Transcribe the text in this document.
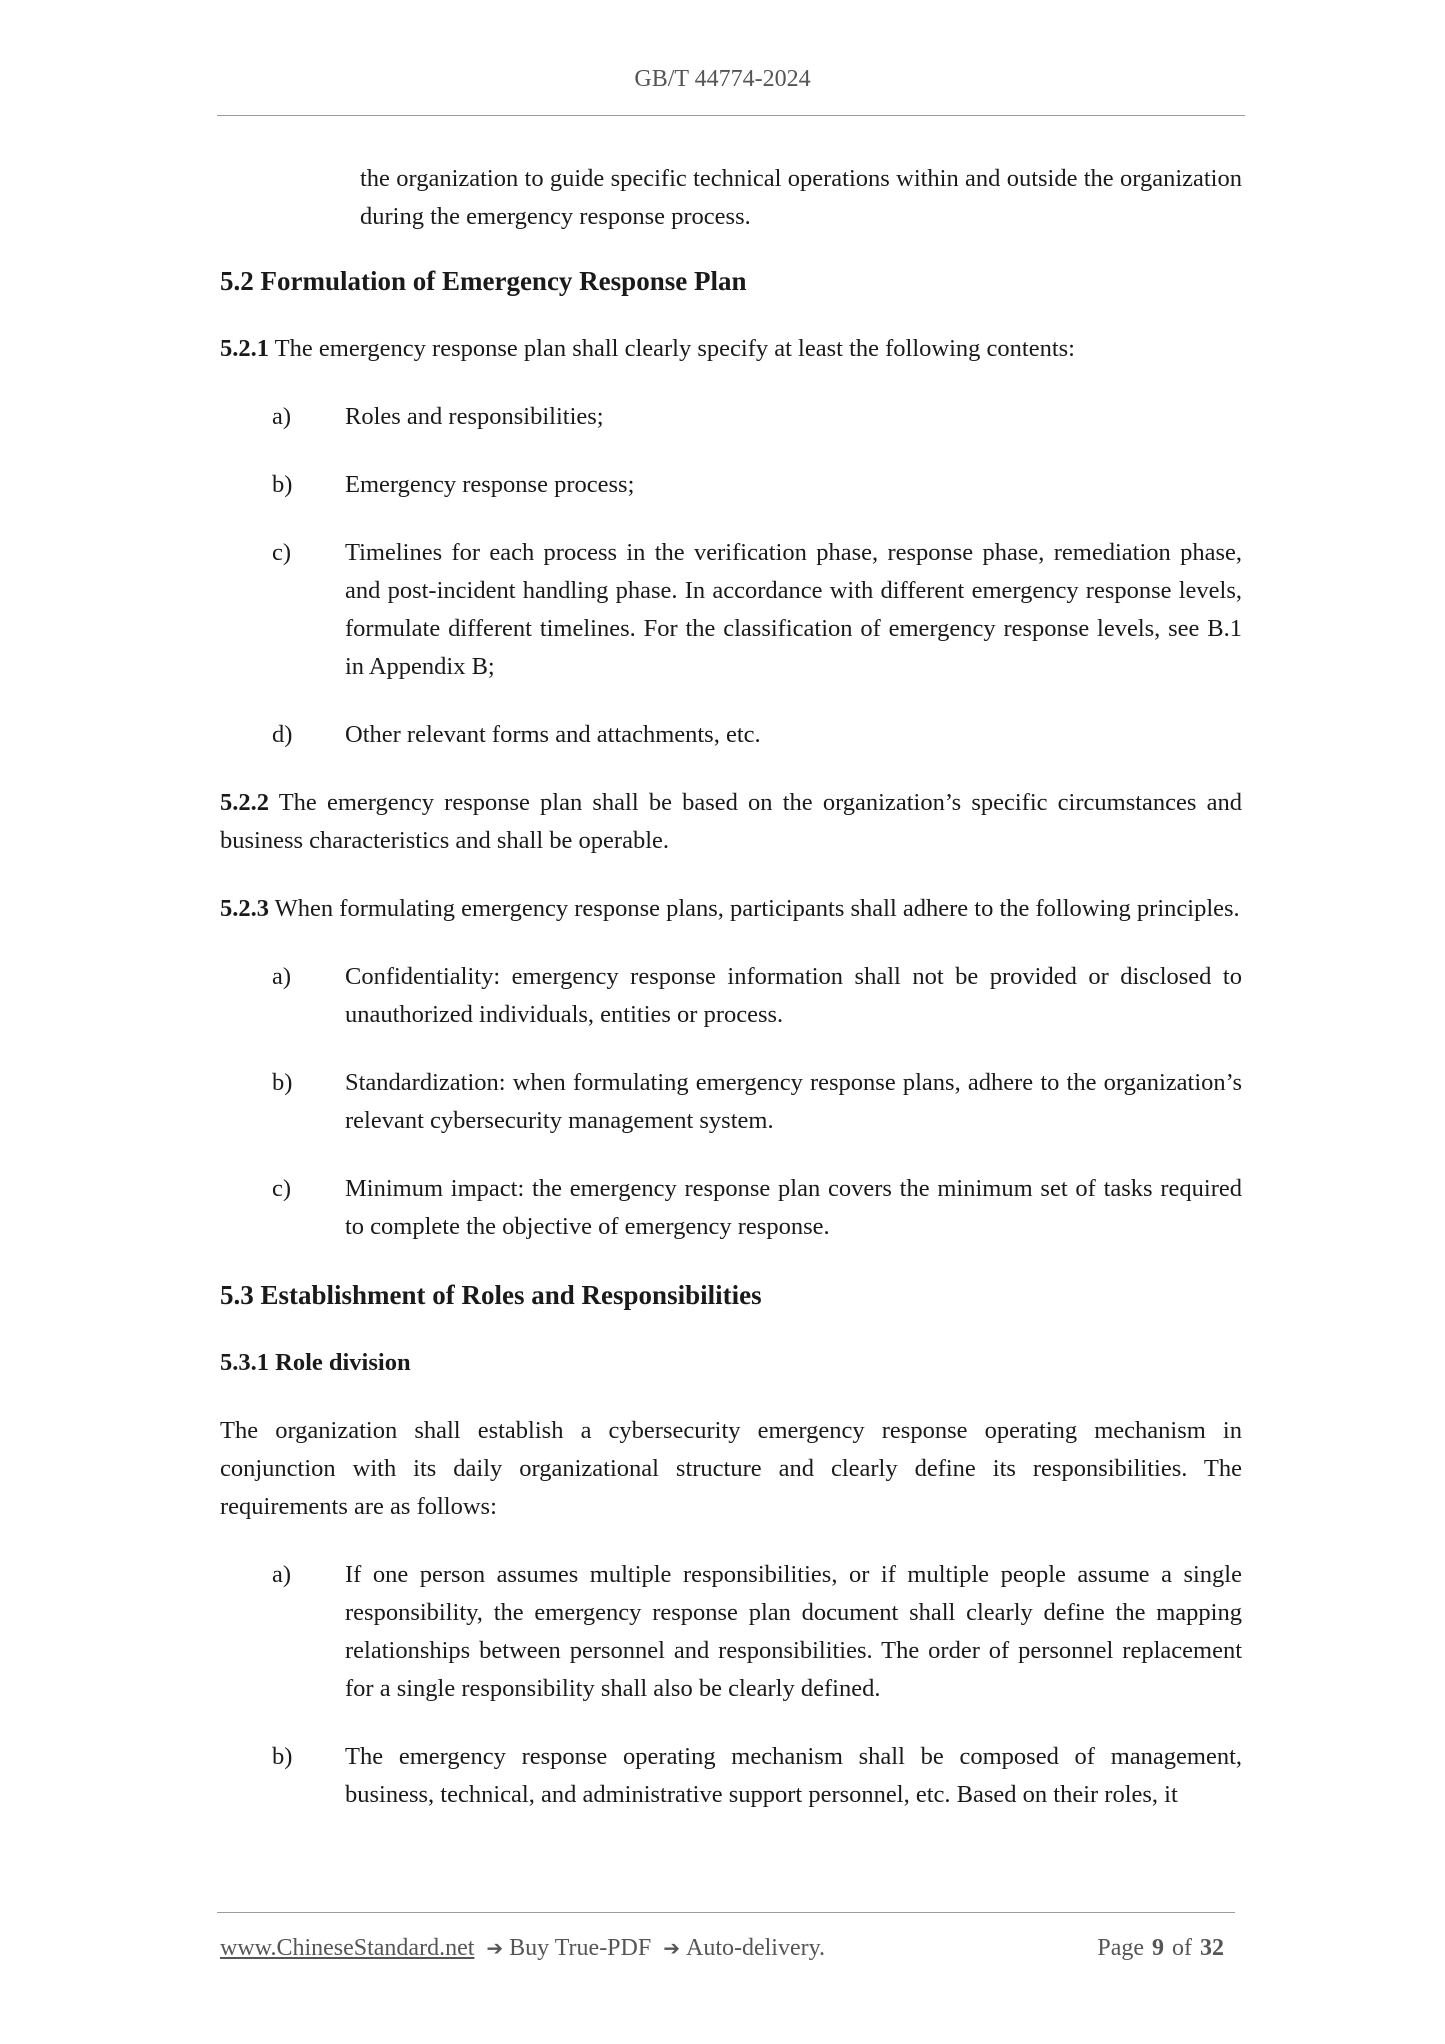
GB/T 44774-2024

the organization to guide specific technical operations within and outside the organization during the emergency response process.

5.2 Formulation of Emergency Response Plan

5.2.1 The emergency response plan shall clearly specify at least the following contents:

a)	Roles and responsibilities;
b)	Emergency response process;
c)	Timelines for each process in the verification phase, response phase, remediation phase, and post-incident handling phase. In accordance with different emergency response levels, formulate different timelines. For the classification of emergency response levels, see B.1 in Appendix B;
d)	Other relevant forms and attachments, etc.

5.2.2 The emergency response plan shall be based on the organization’s specific circumstances and business characteristics and shall be operable.

5.2.3 When formulating emergency response plans, participants shall adhere to the following principles.

a)	Confidentiality: emergency response information shall not be provided or disclosed to unauthorized individuals, entities or process.
b)	Standardization: when formulating emergency response plans, adhere to the organization’s relevant cybersecurity management system.
c)	Minimum impact: the emergency response plan covers the minimum set of tasks required to complete the objective of emergency response.
5.3 Establishment of Roles and Responsibilities
5.3.1 Role division

The organization shall establish a cybersecurity emergency response operating mechanism in conjunction with its daily organizational structure and clearly define its responsibilities. The requirements are as follows:

a)	If one person assumes multiple responsibilities, or if multiple people assume a single responsibility, the emergency response plan document shall clearly define the mapping relationships between personnel and responsibilities. The order of personnel replacement for a single responsibility shall also be clearly defined.
b)	The emergency response operating mechanism shall be composed of management, business, technical, and administrative support personnel, etc. Based on their roles, it
www.ChineseStandard.net ➔ Buy True-PDF ➔ Auto-delivery.	Page 9 of 32
